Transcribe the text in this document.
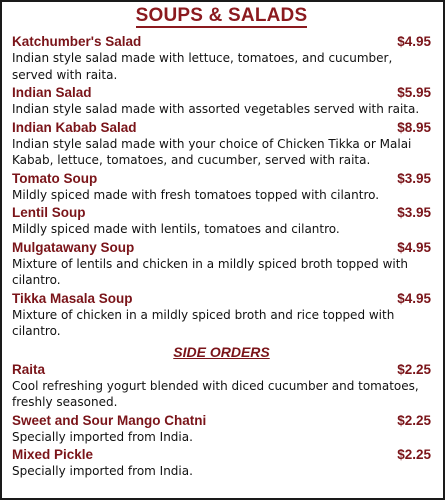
SOUPS & SALADS
Katchumber's Salad	$4.95

Indian style salad made with lettuce, tomatoes, and cucumber, served with raita.

Indian Salad	$5.95

Indian style salad made with assorted vegetables served with raita.

Indian Kabab Salad	$8.95

Indian style salad made with your choice of Chicken Tikka or Malai Kabab, lettuce, tomatoes, and cucumber, served with raita.

Tomato Soup	$3.95

Mildly spiced made with fresh tomatoes topped with cilantro.

Lentil Soup	$3.95

Mildly spiced made with lentils, tomatoes and cilantro.

Mulgatawany Soup	$4.95

Mixture of lentils and chicken in a mildly spiced broth topped with cilantro.

Tikka Masala Soup	$4.95

Mixture of chicken in a mildly spiced broth and rice topped with cilantro.

SIDE ORDERS
Raita	$2.25

Cool refreshing yogurt blended with diced cucumber and tomatoes, freshly seasoned.

Sweet and Sour Mango Chatni	$2.25

Specially imported from India.

Mixed Pickle	$2.25

Specially imported from India.
